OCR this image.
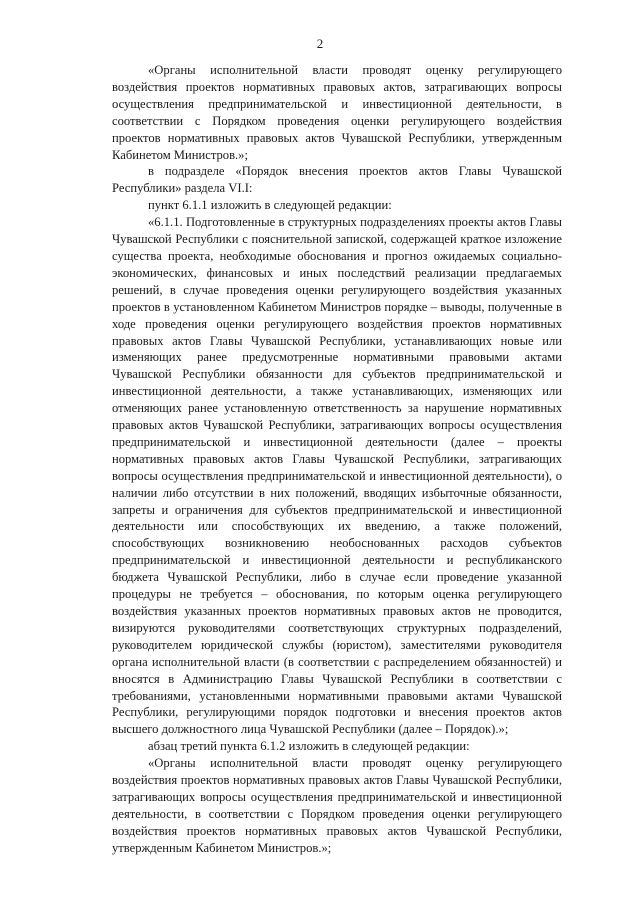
2

«Органы исполнительной власти проводят оценку регулирующего воздействия проектов нормативных правовых актов, затрагивающих вопросы осуществления предпринимательской и инвестиционной деятельности, в соответствии с Порядком проведения оценки регулирующего воздействия проектов нормативных правовых актов Чувашской Республики, утвержденным Кабинетом Министров.»;

в подразделе «Порядок внесения проектов актов Главы Чувашской Республики» раздела VI.I:

пункт 6.1.1 изложить в следующей редакции:

«6.1.1. Подготовленные в структурных подразделениях проекты актов Главы Чувашской Республики с пояснительной запиской, содержащей краткое изложение существа проекта, необходимые обоснования и прогноз ожидаемых социально-экономических, финансовых и иных последствий реализации предлагаемых решений, в случае проведения оценки регулирующего воздействия указанных проектов в установленном Кабинетом Министров порядке – выводы, полученные в ходе проведения оценки регулирующего воздействия проектов нормативных правовых актов Главы Чувашской Республики, устанавливающих новые или изменяющих ранее предусмотренные нормативными правовыми актами Чувашской Республики обязанности для субъектов предпринимательской и инвестиционной деятельности, а также устанавливающих, изменяющих или отменяющих ранее установленную ответственность за нарушение нормативных правовых актов Чувашской Республики, затрагивающих вопросы осуществления предпринимательской и инвестиционной деятельности (далее – проекты нормативных правовых актов Главы Чувашской Республики, затрагивающих вопросы осуществления предпринимательской и инвестиционной деятельности), о наличии либо отсутствии в них положений, вводящих избыточные обязанности, запреты и ограничения для субъектов предпринимательской и инвестиционной деятельности или способствующих их введению, а также положений, способствующих возникновению необоснованных расходов субъектов предпринимательской и инвестиционной деятельности и республиканского бюджета Чувашской Республики, либо в случае если проведение указанной процедуры не требуется – обоснования, по которым оценка регулирующего воздействия указанных проектов нормативных правовых актов не проводится, визируются руководителями соответствующих структурных подразделений, руководителем юридической службы (юристом), заместителями руководителя органа исполнительной власти (в соответствии с распределением обязанностей) и вносятся в Администрацию Главы Чувашской Республики в соответствии с требованиями, установленными нормативными правовыми актами Чувашской Республики, регулирующими порядок подготовки и внесения проектов актов высшего должностного лица Чувашской Республики (далее – Порядок).»;

абзац третий пункта 6.1.2 изложить в следующей редакции:

«Органы исполнительной власти проводят оценку регулирующего воздействия проектов нормативных правовых актов Главы Чувашской Республики, затрагивающих вопросы осуществления предпринимательской и инвестиционной деятельности, в соответствии с Порядком проведения оценки регулирующего воздействия проектов нормативных правовых актов Чувашской Республики, утвержденным Кабинетом Министров.»;
